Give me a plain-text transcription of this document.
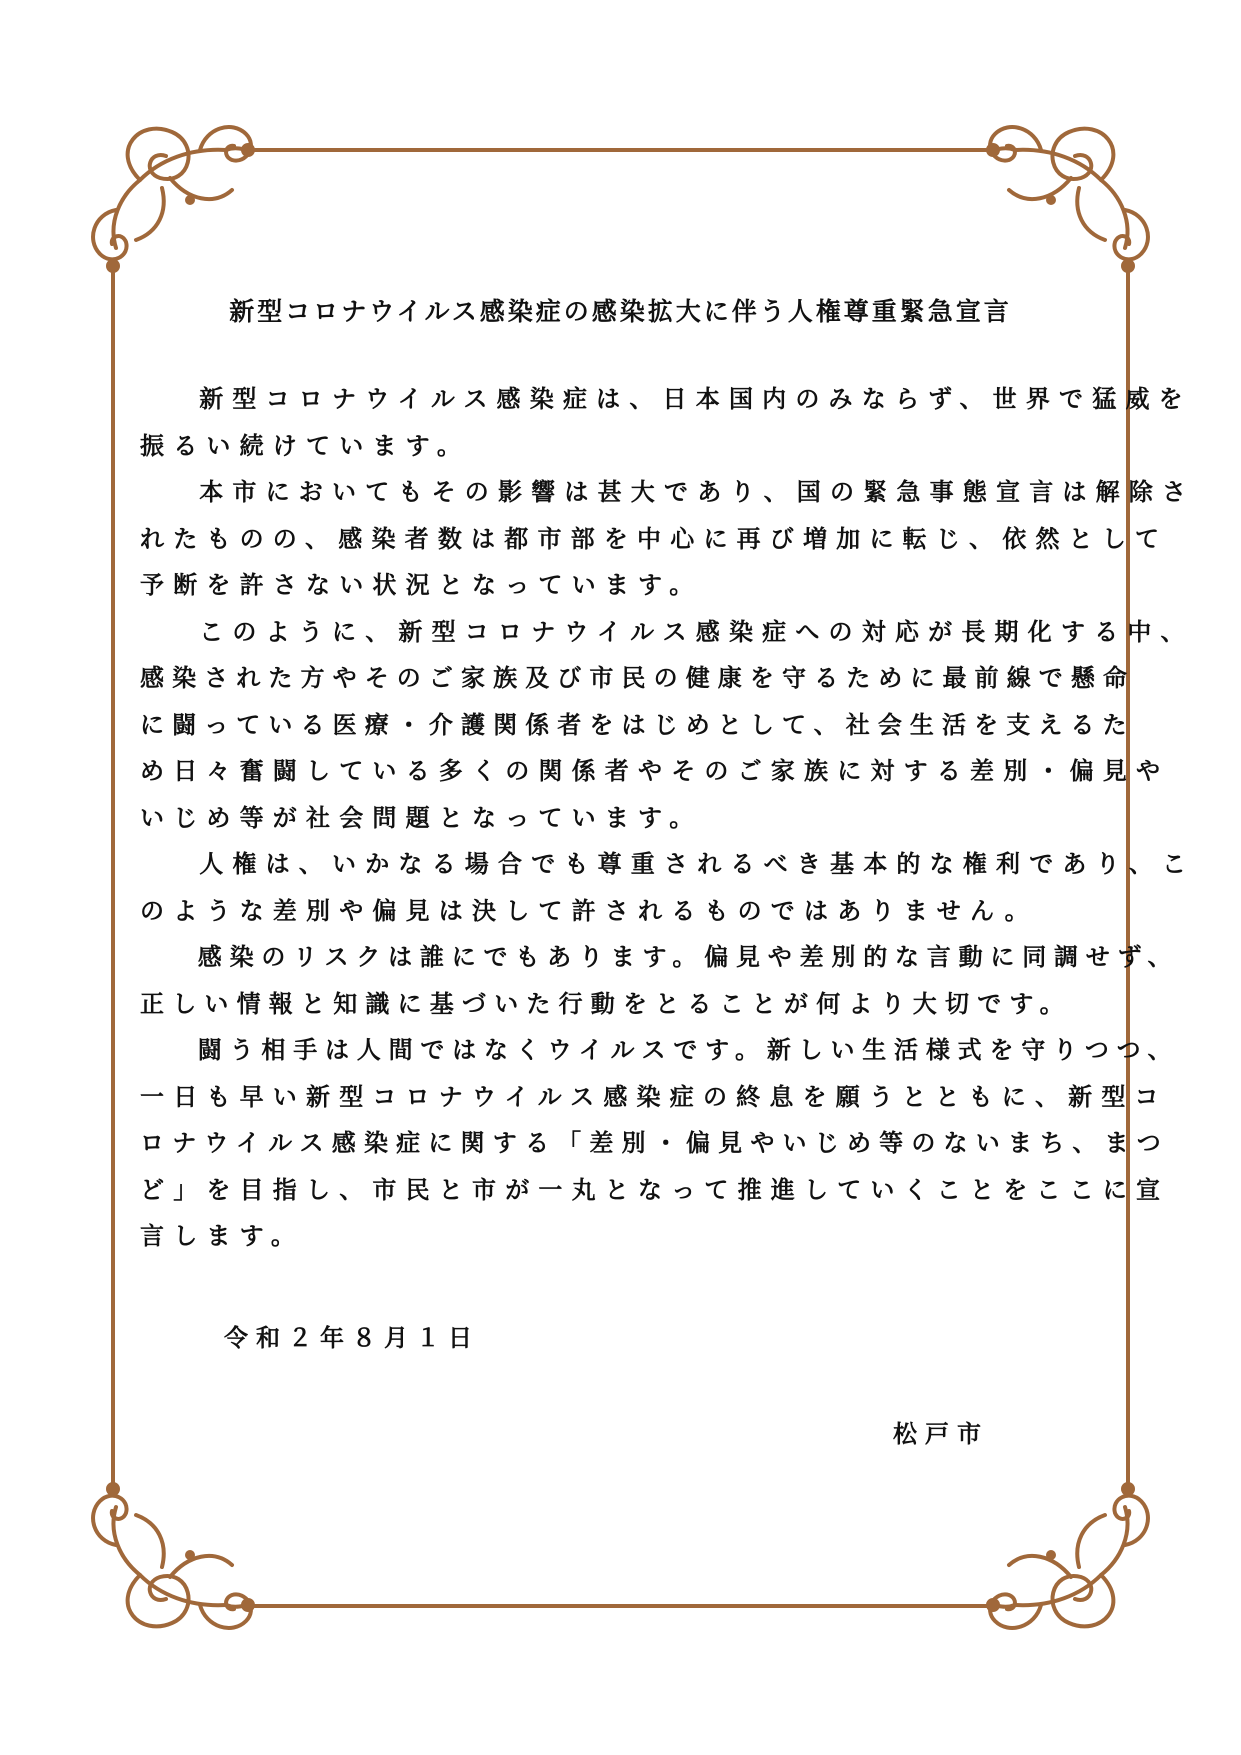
新型コロナウイルス感染症の感染拡大に伴う人権尊重緊急宣言
　新型コロナウイルス感染症は、日本国内のみならず、世界で猛威を
振るい続けています。
　本市においてもその影響は甚大であり、国の緊急事態宣言は解除さ
れたものの、感染者数は都市部を中心に再び増加に転じ、依然として
予断を許さない状況となっています。
　このように、新型コロナウイルス感染症への対応が長期化する中、
感染された方やそのご家族及び市民の健康を守るために最前線で懸命
に闘っている医療・介護関係者をはじめとして、社会生活を支えるた
め日々奮闘している多くの関係者やそのご家族に対する差別・偏見や
いじめ等が社会問題となっています。
　人権は、いかなる場合でも尊重されるべき基本的な権利であり、こ
のような差別や偏見は決して許されるものではありません。
　感染のリスクは誰にでもあります。偏見や差別的な言動に同調せず、
正しい情報と知識に基づいた行動をとることが何より大切です。
　闘う相手は人間ではなくウイルスです。新しい生活様式を守りつつ、
一日も早い新型コロナウイルス感染症の終息を願うとともに、新型コ
ロナウイルス感染症に関する「差別・偏見やいじめ等のないまち、まつ
ど」を目指し、市民と市が一丸となって推進していくことをここに宣
言します。
令和２年８月１日
松戸市
